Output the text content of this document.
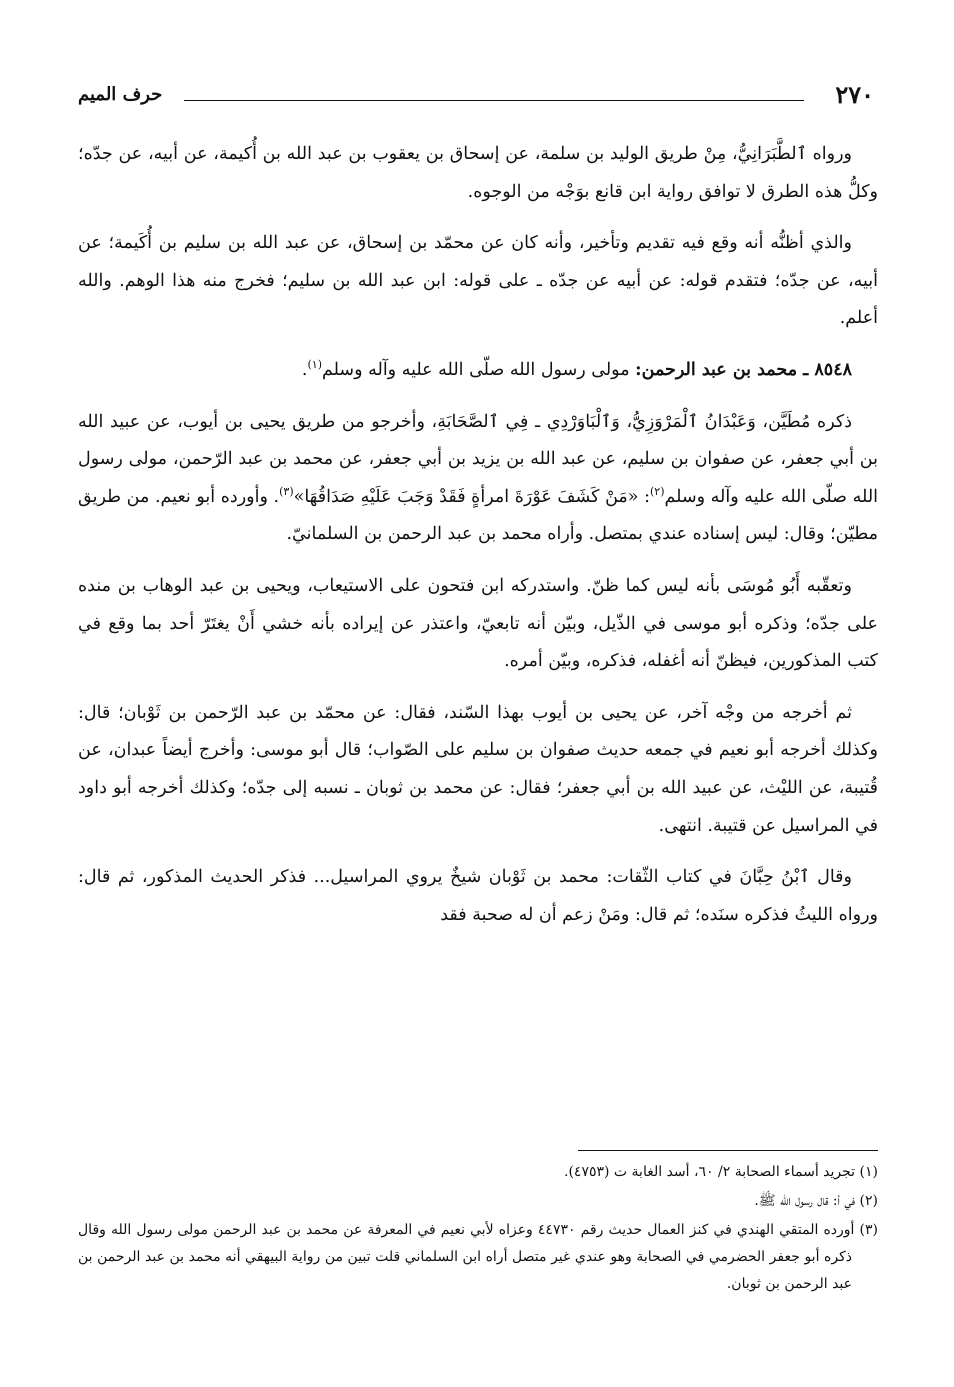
٢٧٠
حرف الميم

ورواه ٱلطَّبَرَانِيُّ، مِنْ طريق الوليد بن سلمة، عن إسحاق بن يعقوب بن عبد الله بن أُكيمة، عن أبيه، عن جدّه؛ وكلُّ هذه الطرق لا توافق رواية ابن قانع بوَجْه من الوجوه.

والذي أظنُّه أنه وقع فيه تقديم وتأخير، وأنه كان عن محمّد بن إسحاق، عن عبد الله بن سليم بن أُكَيمة؛ عن أبيه، عن جدّه؛ فتقدم قوله: عن أبيه عن جدّه ـ على قوله: ابن عبد الله بن سليم؛ فخرج منه هذا الوهم. والله أعلم.

٨٥٤٨ ـ محمد بن عبد الرحمن: مولى رسول الله صلّى الله عليه وآله وسلم$^{(١)}$.

ذكره مُطَيَّن، وَعَبْدَانُ ٱلْمَرْوَزِيُّ، وَٱلْبَاوَرْدِي ـ فِي ٱلصَّحَابَةِ، وأخرجو من طريق يحيى بن أيوب، عن عبيد الله بن أبي جعفر، عن صفوان بن سليم، عن عبد الله بن يزيد بن أبي جعفر، عن محمد بن عبد الرّحمن، مولى رسول الله صلّى الله عليه وآله وسلم$^{(٢)}$: «مَنْ كَشَفَ عَوْرَةَ امرأةٍ فَقَدْ وَجَبَ عَلَيْهِ صَدَاقُهَا»$^{(٣)}$. وأورده أبو نعيم. من طريق مطيّن؛ وقال: ليس إسناده عندي بمتصل. وأراه محمد بن عبد الرحمن بن السلمانيّ.

وتعقّبه أَبُو مُوسَى بأنه ليس كما ظنّ. واستدركه ابن فتحون على الاستيعاب، ويحيى بن عبد الوهاب بن منده على جدّه؛ وذكره أبو موسى في الذّيل، وبيّن أنه تابعيّ، واعتذر عن إيراده بأنه خشي أَنْ يغتَرّ أحد بما وقع في كتب المذكورين، فيظنّ أنه أغفله، فذكره، وبيّن أمره.

ثم أخرجه من وجْه آخر، عن يحيى بن أيوب بهذا السّند، فقال: عن محمّد بن عبد الرّحمن بن ثَوْبان؛ قال: وكذلك أخرجه أبو نعيم في جمعه حديث صفوان بن سليم على الصّواب؛ قال أبو موسى: وأخرج أيضاً عبدان، عن قُتيبة، عن الليْث، عن عبيد الله بن أبي جعفر؛ فقال: عن محمد بن ثوبان ـ نسبه إلى جدّه؛ وكذلك أخرجه أبو داود في المراسيل عن قتيبة. انتهى.

وقال ٱبْنُ حِبَّانَ في كتاب الثّقات: محمد بن ثَوْبان شيخٌ يروي المراسيل... فذكر الحديث المذكور، ثم قال: ورواه الليثُ فذكره سنَده؛ ثم قال: ومَنْ زعم أن له صحبة فقد

(١) تجريد أسماء الصحابة ٢/ ٦٠، أسد الغابة ت (٤٧٥٣).

(٢) في أ: قال رسول الله ﷺ.

(٣) أورده المتقي الهندي في كنز العمال حديث رقم ٤٤٧٣٠ وعزاه لأبي نعيم في المعرفة عن محمد بن عبد الرحمن مولى رسول الله وقال ذكره أبو جعفر الحضرمي في الصحابة وهو عندي غير متصل أراه ابن السلماني قلت تبين من رواية البيهقي أنه محمد بن عبد الرحمن بن عبد الرحمن بن ثوبان.
